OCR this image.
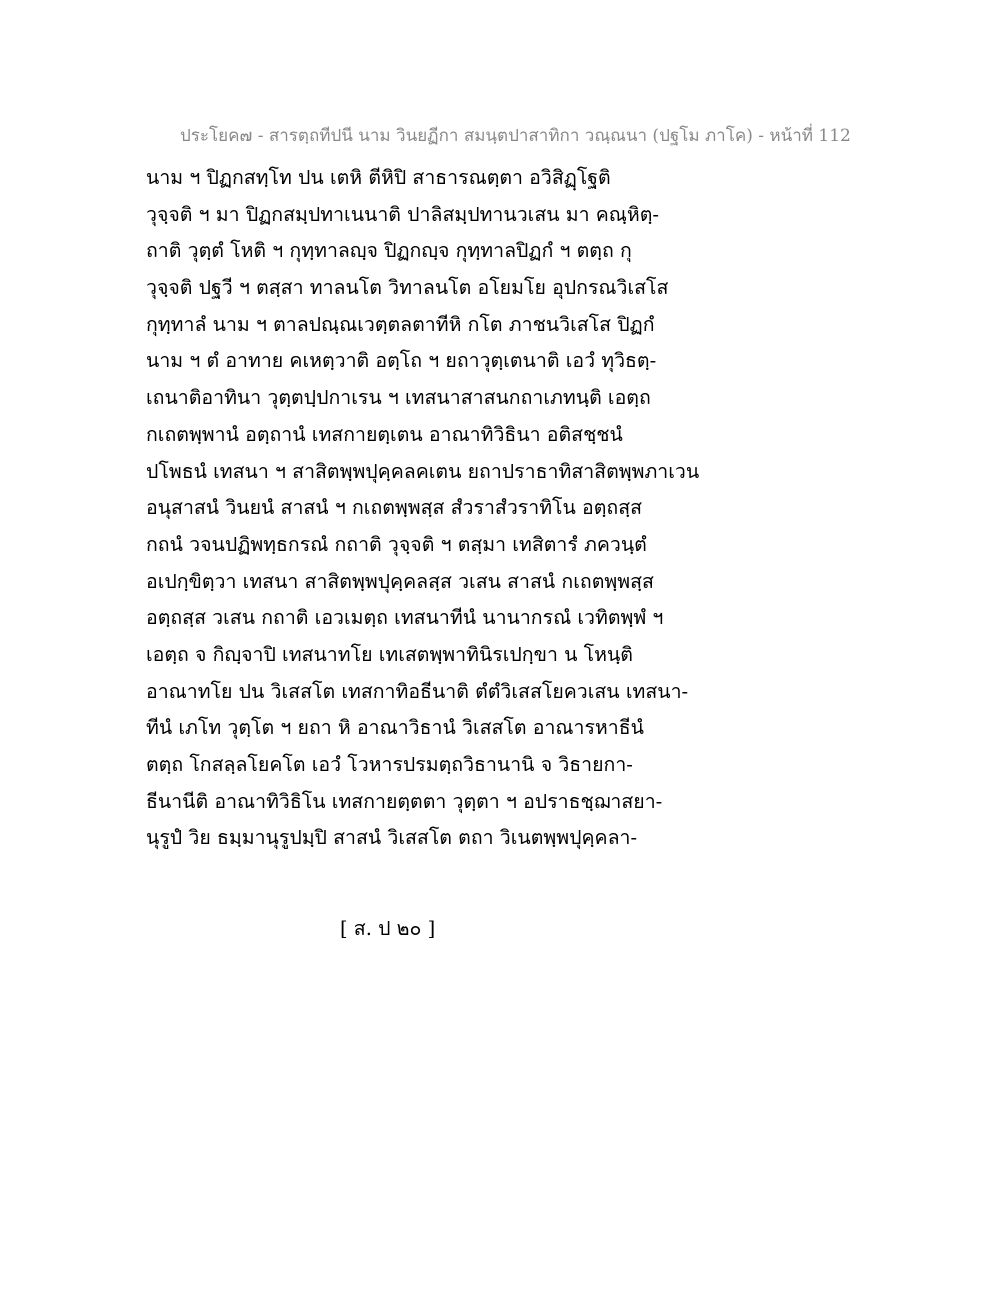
ประโยค๗ - สารตฺถทีปนี นาม วินยฏีกา สมนฺตปาสาทิกา วณฺณนา (ปฐโม ภาโค) - หน้าที่ 112
นาม ฯ ปิฏกสทฺโท ปน เตหิ ตีหิปิ สาธารณตฺตา อวิสิฏฺโฐติ
วุจฺจติ ฯ มา ปิฏกสมฺปทาเนนาติ ปาลิสมฺปทานวเสน มา คณฺหิตฺ-
ถาติ วุตฺตํ โหติ ฯ กุทฺทาลญฺจ ปิฏกญฺจ กุทฺทาลปิฏกํ ฯ ตตฺถ กุ
วุจฺจติ ปฐวี ฯ ตสฺสา ทาลนโต วิทาลนโต อโยมโย อุปกรณวิเสโส
กุทฺทาลํ นาม ฯ ตาลปณฺณเวตฺตลตาทีหิ กโต ภาชนวิเสโส ปิฏกํ
นาม ฯ ตํ อาทาย คเหตฺวาติ อตฺโถ ฯ ยถาวุตฺเตนาติ เอวํ ทุวิธตฺ-
เถนาติอาทินา วุตฺตปฺปกาเรน ฯ เทสนาสาสนกถาเภทนฺติ เอตฺถ
กเถตพฺพานํ อตฺถานํ เทสกายตฺเตน อาณาทิวิธินา อติสชฺชนํ
ปโพธนํ เทสนา ฯ สาสิตพฺพปุคฺคลคเตน ยถาปราธาทิสาสิตพฺพภาเวน
อนุสาสนํ วินยนํ สาสนํ ฯ กเถตพฺพสฺส สํวราสํวราทิโน อตฺถสฺส
กถนํ วจนปฏิพทฺธกรณํ กถาติ วุจฺจติ ฯ ตสฺมา เทสิตารํ ภควนฺตํ
อเปกฺขิตฺวา เทสนา สาสิตพฺพปุคฺคลสฺส วเสน สาสนํ กเถตพฺพสฺส
อตฺถสฺส วเสน กถาติ เอวเมตฺถ เทสนาทีนํ นานากรณํ เวทิตพฺพํ ฯ
เอตฺถ จ กิญฺจาปิ เทสนาทโย เทเสตพฺพาทินิรเปกฺขา น โหนฺติ
อาณาทโย ปน วิเสสโต เทสกาทิอธีนาติ ตํตํวิเสสโยควเสน เทสนา-
ทีนํ เภโท วุตฺโต ฯ ยถา หิ อาณาวิธานํ วิเสสโต อาณารหาธีนํ
ตตฺถ โกสลฺลโยคโต เอวํ โวหารปรมตฺถวิธานานิ จ วิธายกา-
ธีนานีติ อาณาทิวิธิโน เทสกายตฺตตา วุตฺตา ฯ อปราธชฺฌาสยา-
นุรูปํ วิย ธมฺมานุรูปมฺปิ สาสนํ วิเสสโต ตถา วิเนตพฺพปุคฺคลา-
[ ส. ป ๒๐ ]
